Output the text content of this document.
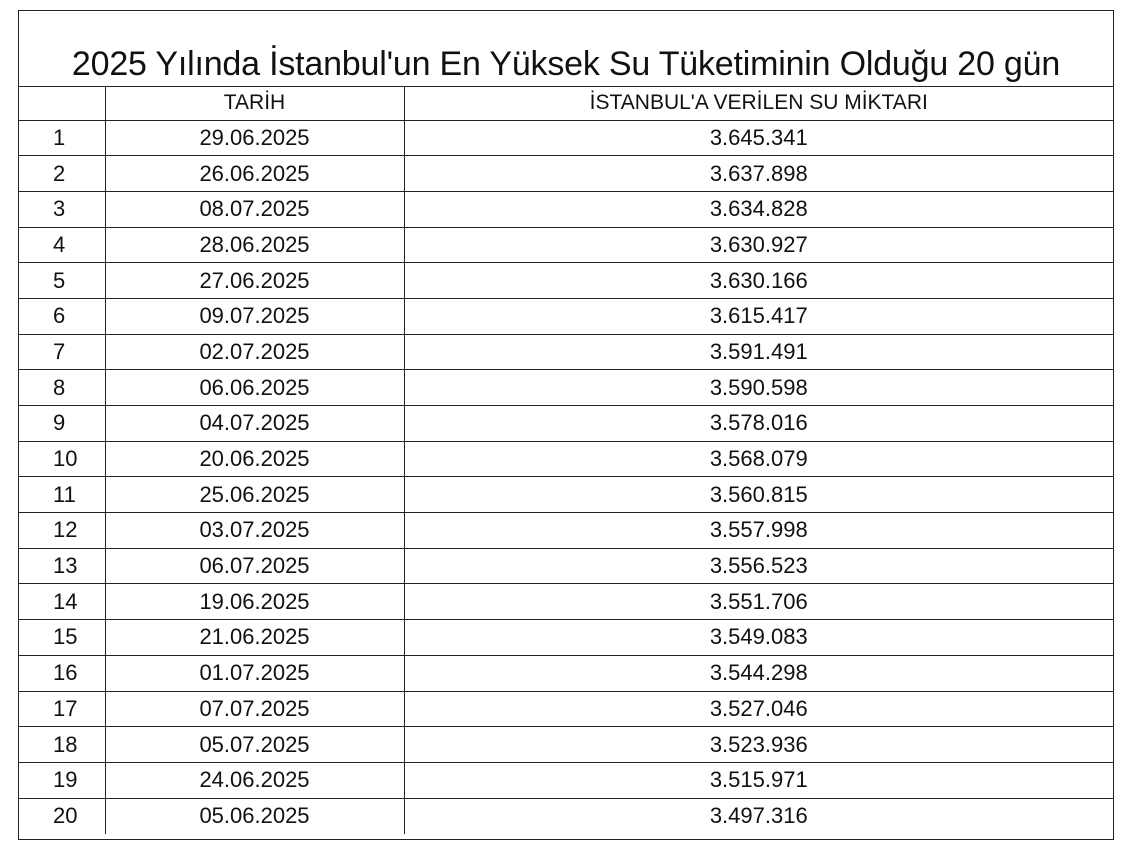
2025 Yılında İstanbul'un En Yüksek Su Tüketiminin Olduğu 20 gün
	TARİH	İSTANBUL'A VERİLEN SU MİKTARI
1	29.06.2025	3.645.341
2	26.06.2025	3.637.898
3	08.07.2025	3.634.828
4	28.06.2025	3.630.927
5	27.06.2025	3.630.166
6	09.07.2025	3.615.417
7	02.07.2025	3.591.491
8	06.06.2025	3.590.598
9	04.07.2025	3.578.016
10	20.06.2025	3.568.079
11	25.06.2025	3.560.815
12	03.07.2025	3.557.998
13	06.07.2025	3.556.523
14	19.06.2025	3.551.706
15	21.06.2025	3.549.083
16	01.07.2025	3.544.298
17	07.07.2025	3.527.046
18	05.07.2025	3.523.936
19	24.06.2025	3.515.971
20	05.06.2025	3.497.316
